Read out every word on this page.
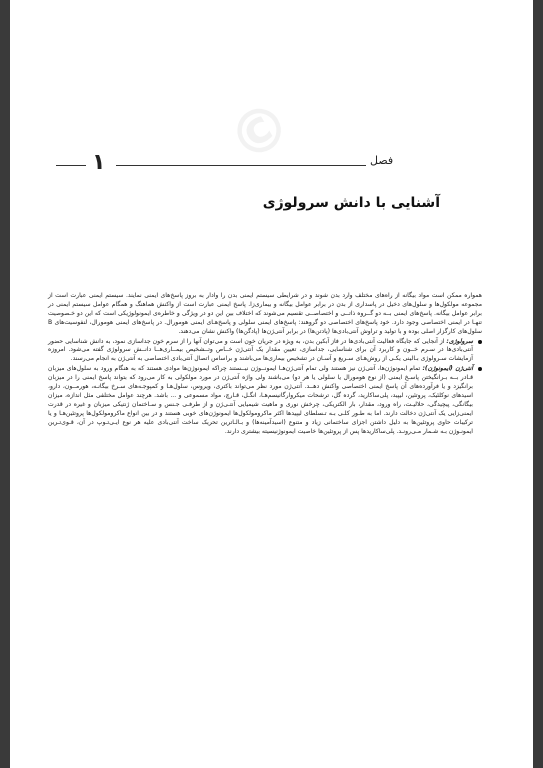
©
۱	فصل
آشنایی با دانش سرولوژی

همواره ممکن است مواد بیگانه از راه‌های مختلف وارد بدن شوند و در شرایطی سیستم ایمنی بدن را وادار به بروز پاسخ‌های ایمنی نمایند. سیستم ایمنی عبارت است از مجموعه مولکول‌ها و سلول‌های دخیل در پاسداری از بدن در برابر عوامل بیگانه و بیماری‌زا. پاسخ ایمنی عبارت است از واکنش هماهنگ و همگام عوامل سیستم ایمنی در برابر عوامل بیگانه. پاسخ‌های ایمنی بــه دو گــروه ذاتــی و اختصاصــی تقسیم می‌شوند که اختلاف بین این دو در ویژگی و خاطره‌ی ایمونولوژیکی است که این دو خـصوصیت تنهـا در ایمنی اختصاصی وجود دارد. خود پاسخ‌های اختصاصی دو گروهند: پاسخ‌های ایمنی سلولی و پاسخ‌هـای ایمنی هومورال. در پاسخ‌های ایمنی هومورال، لنفوسیت‌های B سلول‌های کارگزار اصلی بوده و با تولید و تراوش آنتی‌بادی‌ها (پادتن‌ها) در برابر آنتی‌ژن‌ها (پادگن‌ها) واکنش نشان می‌دهند.

سرولوژی: از آنجایی که جایگاه فعالیت آنتی‌بادی‌ها در فاز آبکین بدن، به ویژه در جریان خون است و می‌توان آنها را از سرم خون جداسازی نمود، به دانش شناسایی حضور آنتی‌بادی‌ها در سـرم خــون و کاربرد آن برای شناسایی، جداسازی، تعیین مقدار یک آنتی‌ژن خــاص وتــشخیص بیمــاری‌هــا دانــش سرولوژی گفته می‌شود. امروزه آزمایشات سـرولوژی بـالینی یکـی از روش‌هـای سـریع و آسـان در تشخیص بیماری‌ها می‌باشند و براساس اتصال آنتی‌بادی اختصاصی به آنتی‌ژن به انجام می‌رسند.
آنتی‌ژن (ایمونوژن): تمام ایمونوژن‌ها، آنتی‌ژن نیز هستند ولی تمام آنتی‌ژن‌هـا ایمونــوژن نیــستند چراکه ایمونوژن‌ها موادی هستند که به هنگام ورود به سلول‌های میزبان قـادر بــه بـرانگیختن پاسـخ ایمنی (از نوع هومورال یا سلولی یا هر دو) می‌باشند ولی واژه آنتی‌ژن در مورد مولکولی به کار می‌رود که بتواند پاسخ ایمنی را در میزبان برانگیزد و یا فرآورده‌های آن پاسخ ایمنی اختصاصی واکنش دهــد. آنتی‌ژن مورد نظر می‌تواند باکتری، ویروس، سلول‌هـا و کمپوجـه‌های سـرخ بیگانـه، هورمــون، دارو، اسیدهای نوکلئیک، پروتئین، لیپید، پلی‌ساکارید، گرده گل، ترشحات میکروارگانیسم‌هـا، انگـل، قـارچ، مواد مسموعی و ... باشد. هرچند عوامل مختلفی مثل اندازه، میزان بیگانگی، پیچیدگی، حلالیـت، راه ورود، مقدار، بار الکتریکی، چرخش نوری و ماهیت شیمیایی آنتـی‌ژن و از طرفـی جـنس و سـاختمان ژنتیکی میزبان و غیره در قدرت ایمنی‌زایی یک آنتی‌ژن دخالت دارند. اما به طـور کلـی بـه تـسلطای لیپیدها اکثر ماکرومولکول‌ها ایمونوژن‌های خوبی هستند و در بین انواع ماکرومولکول‌ها پروتئین‌هـا و یا ترکیبات حاوی پروتئین‌ها به دلیل داشتن اجزای ساختمانی زیاد و متنوع (اسیدآمینه‌ها) و بـالـاترین تحریک ساخت آنتی‌بادی علیه هر نوع ایـی‌تـوپ در آن، قـوی‌تـرین ایمونـوژن بـه شـمار مـی‌رونـد. پلی‌ساکاریدها پس از پروتئین‌ها خاصیت ایمونوژنیسیته بیشتری دارند.
